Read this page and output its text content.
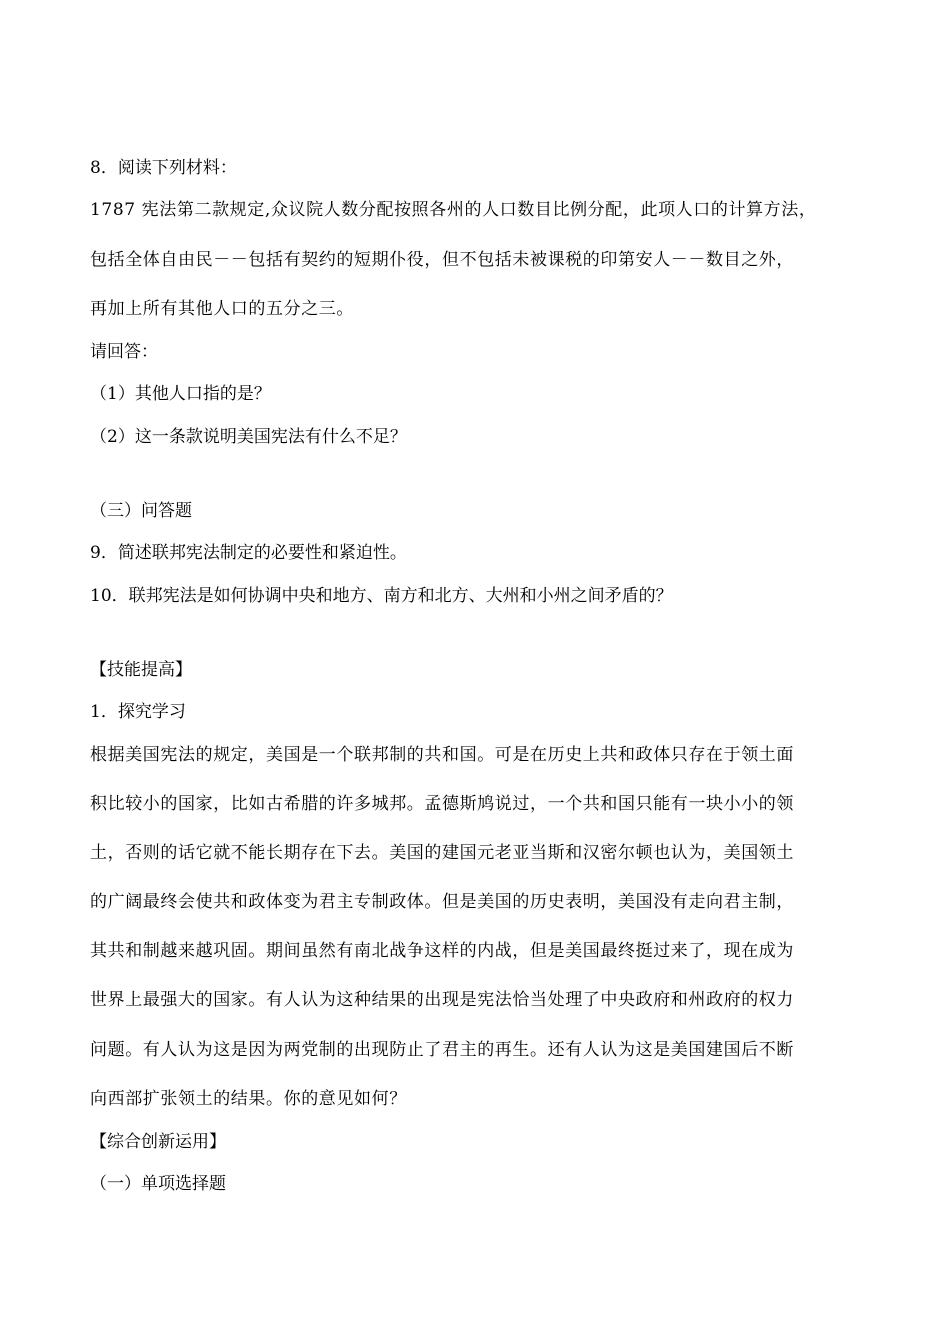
8．阅读下列材料：
1787 宪法第二款规定,众议院人数分配按照各州的人口数目比例分配，此项人口的计算方法，
包括全体自由民－－包括有契约的短期仆役，但不包括未被课税的印第安人－－数目之外，
再加上所有其他人口的五分之三。
请回答：
（1）其他人口指的是？
（2）这一条款说明美国宪法有什么不足？
（三）问答题
9．简述联邦宪法制定的必要性和紧迫性。
10．联邦宪法是如何协调中央和地方、南方和北方、大州和小州之间矛盾的？
【技能提高】
1．探究学习
根据美国宪法的规定，美国是一个联邦制的共和国。可是在历史上共和政体只存在于领土面
积比较小的国家，比如古希腊的许多城邦。孟德斯鸠说过，一个共和国只能有一块小小的领
土，否则的话它就不能长期存在下去。美国的建国元老亚当斯和汉密尔顿也认为，美国领土
的广阔最终会使共和政体变为君主专制政体。但是美国的历史表明，美国没有走向君主制，
其共和制越来越巩固。期间虽然有南北战争这样的内战，但是美国最终挺过来了，现在成为
世界上最强大的国家。有人认为这种结果的出现是宪法恰当处理了中央政府和州政府的权力
问题。有人认为这是因为两党制的出现防止了君主的再生。还有人认为这是美国建国后不断
向西部扩张领土的结果。你的意见如何？
【综合创新运用】
（一）单项选择题
